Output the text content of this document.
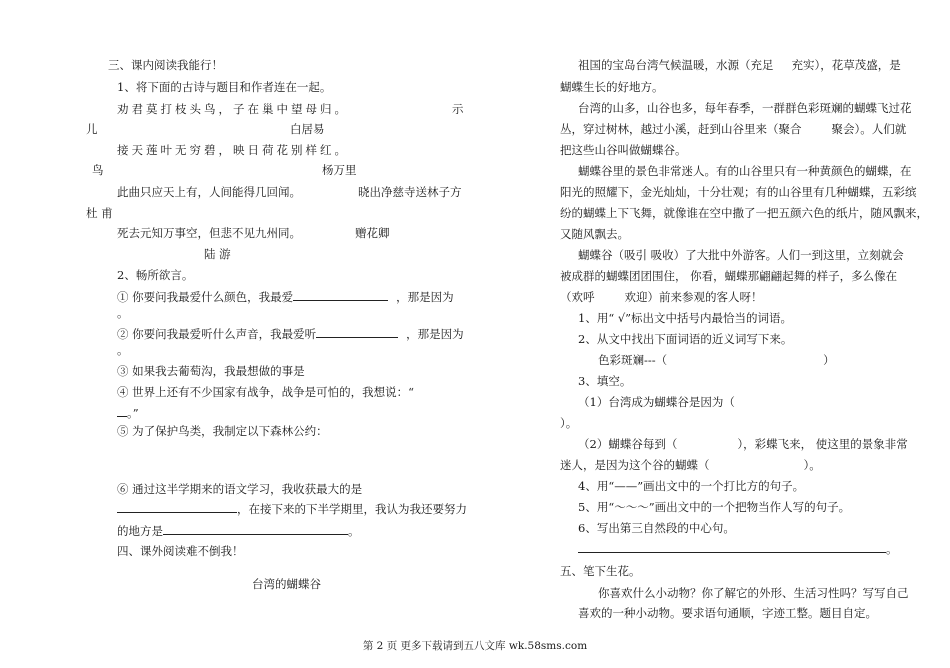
三、课内阅读我能行！
1、将下面的古诗与题目和作者连在一起。
劝君莫打枝头鸟，子在巢中望母归。	示
儿	白居易
接天莲叶无穷碧，映日荷花别样红。
鸟	杨万里
此曲只应天上有，人间能得几回闻。	晓出净慈寺送林子方
杜 甫
死去元知万事空，但悲不见九州同。	赠花卿
陆 游
2、畅所欲言。
① 你要问我最爱什么颜色，我最爱	，那是因为
。
② 你要问我最爱听什么声音，我最爱听	，那是因为
。
③ 如果我去葡萄沟，我最想做的事是
④ 世界上还有不少国家有战争，战争是可怕的，我想说：“
。”
⑤ 为了保护鸟类，我制定以下森林公约：
⑥ 通过这半学期来的语文学习，我收获最大的是
，在接下来的下半学期里，我认为我还要努力
的地方是	。
四、课外阅读难不倒我！
台湾的蝴蝶谷
祖国的宝岛台湾气候温暖，水源（充足 充实），花草茂盛，是
蝴蝶生长的好地方。
台湾的山多，山谷也多，每年春季，一群群色彩斑斓的蝴蝶飞过花
丛，穿过树林，越过小溪，赶到山谷里来（聚合	聚会）。人们就
把这些山谷叫做蝴蝶谷。
蝴蝶谷里的景色非常迷人。有的山谷里只有一种黄颜色的蝴蝶，在
阳光的照耀下，金光灿灿，十分壮观；有的山谷里有几种蝴蝶，五彩缤
纷的蝴蝶上下飞舞，就像谁在空中撒了一把五颜六色的纸片，随风飘来，
又随风飘去。
蝴蝶谷（吸引 吸收）了大批中外游客。人们一到这里，立刻就会
被成群的蝴蝶团团围住， 你看，蝴蝶那翩翩起舞的样子，多么像在
（欢呼	欢迎）前来参观的客人呀！
1、用“ √”标出文中括号内最恰当的词语。
2、从文中找出下面词语的近义词写下来。
色彩斑斓---（	）
3、填空。
（1）台湾成为蝴蝶谷是因为（
）。
（2）蝴蝶谷每到（	），彩蝶飞来， 使这里的景象非常
迷人，是因为这个谷的蝴蝶（	）。
4、用“——”画出文中的一个打比方的句子。
5、用“～～～”画出文中的一个把物当作人写的句子。
6、写出第三自然段的中心句。
。
五、笔下生花。
你喜欢什么小动物？你了解它的外形、生活习性吗？写写自己
喜欢的一种小动物。要求语句通顺，字迹工整。题目自定。
第 2 页 更多下载请到五八文库 wk.58sms.com
